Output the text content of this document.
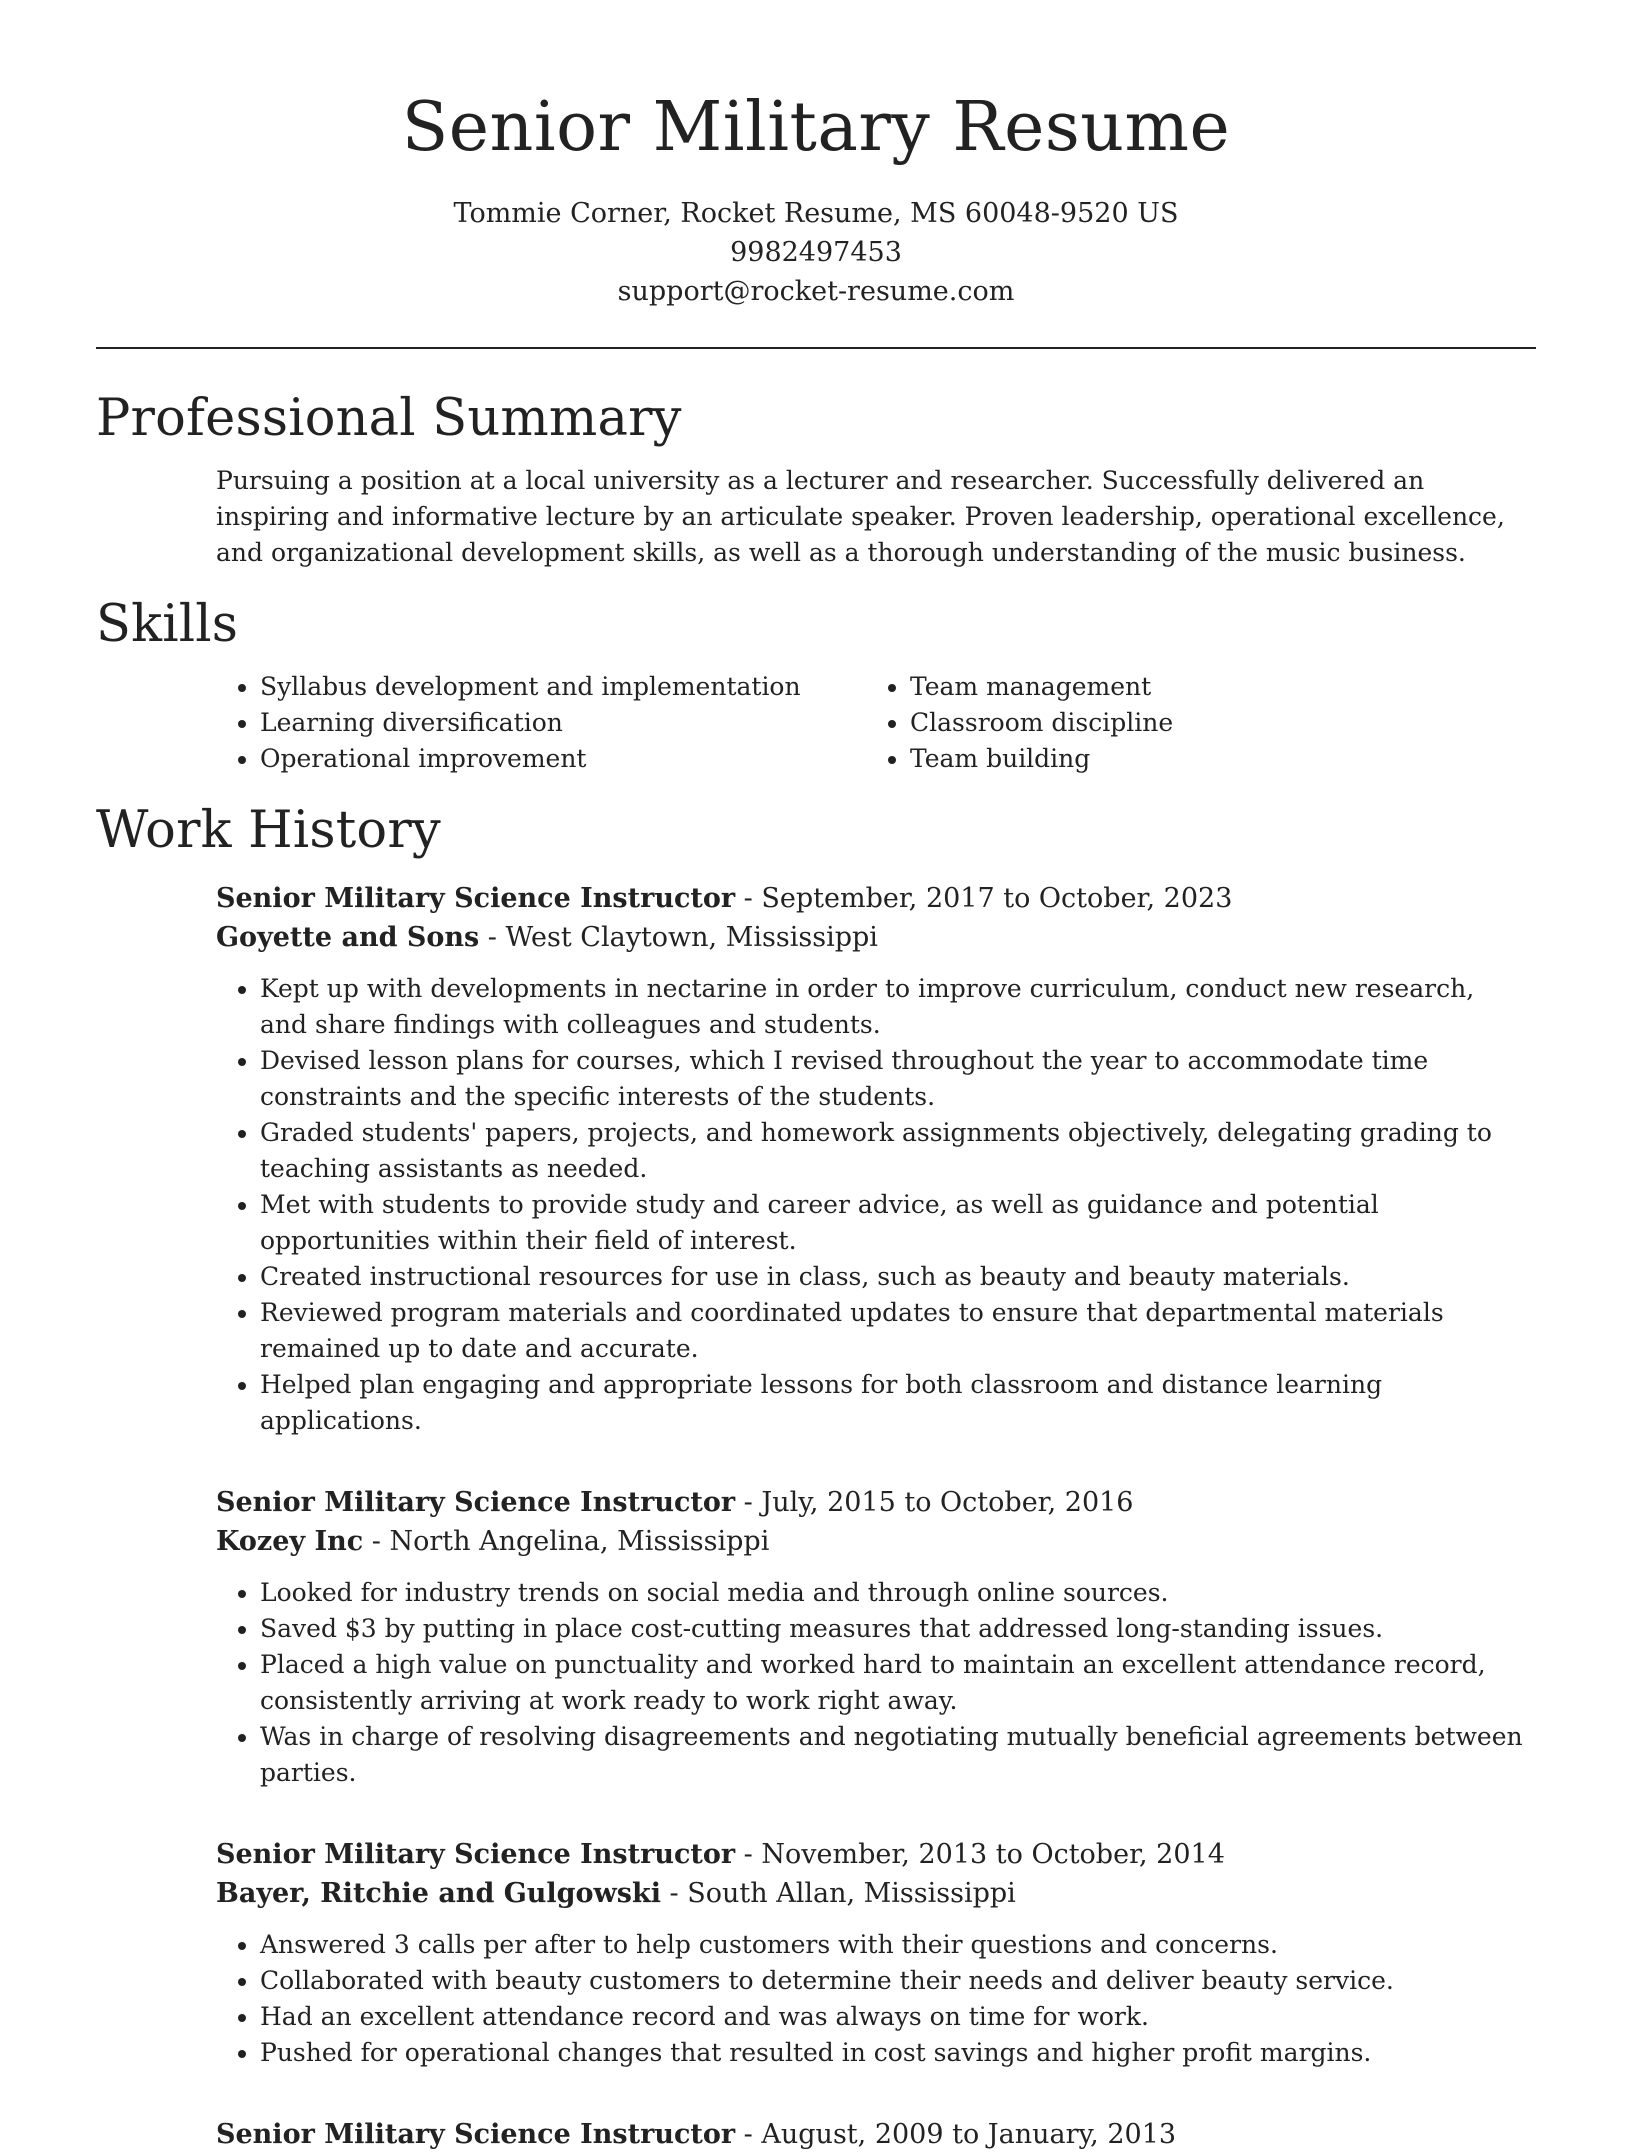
Senior Military Resume
Tommie Corner, Rocket Resume, MS 60048-9520 US
9982497453
support@rocket-resume.com
Professional Summary
Pursuing a position at a local university as a lecturer and researcher. Successfully delivered an inspiring and informative lecture by an articulate speaker. Proven leadership, operational excellence, and organizational development skills, as well as a thorough understanding of the music business.
Skills
• Syllabus development and implementation
• Learning diversification
• Operational improvement
• Team management
• Classroom discipline
• Team building
Work History
Senior Military Science Instructor - September, 2017 to October, 2023
Goyette and Sons - West Claytown, Mississippi
• Kept up with developments in nectarine in order to improve curriculum, conduct new research, and share findings with colleagues and students.
• Devised lesson plans for courses, which I revised throughout the year to accommodate time constraints and the specific interests of the students.
• Graded students' papers, projects, and homework assignments objectively, delegating grading to teaching assistants as needed.
• Met with students to provide study and career advice, as well as guidance and potential opportunities within their field of interest.
• Created instructional resources for use in class, such as beauty and beauty materials.
• Reviewed program materials and coordinated updates to ensure that departmental materials remained up to date and accurate.
• Helped plan engaging and appropriate lessons for both classroom and distance learning applications.
Senior Military Science Instructor - July, 2015 to October, 2016
Kozey Inc - North Angelina, Mississippi
• Looked for industry trends on social media and through online sources.
• Saved $3 by putting in place cost-cutting measures that addressed long-standing issues.
• Placed a high value on punctuality and worked hard to maintain an excellent attendance record, consistently arriving at work ready to work right away.
• Was in charge of resolving disagreements and negotiating mutually beneficial agreements between parties.
Senior Military Science Instructor - November, 2013 to October, 2014
Bayer, Ritchie and Gulgowski - South Allan, Mississippi
• Answered 3 calls per after to help customers with their questions and concerns.
• Collaborated with beauty customers to determine their needs and deliver beauty service.
• Had an excellent attendance record and was always on time for work.
• Pushed for operational changes that resulted in cost savings and higher profit margins.
Senior Military Science Instructor - August, 2009 to January, 2013
